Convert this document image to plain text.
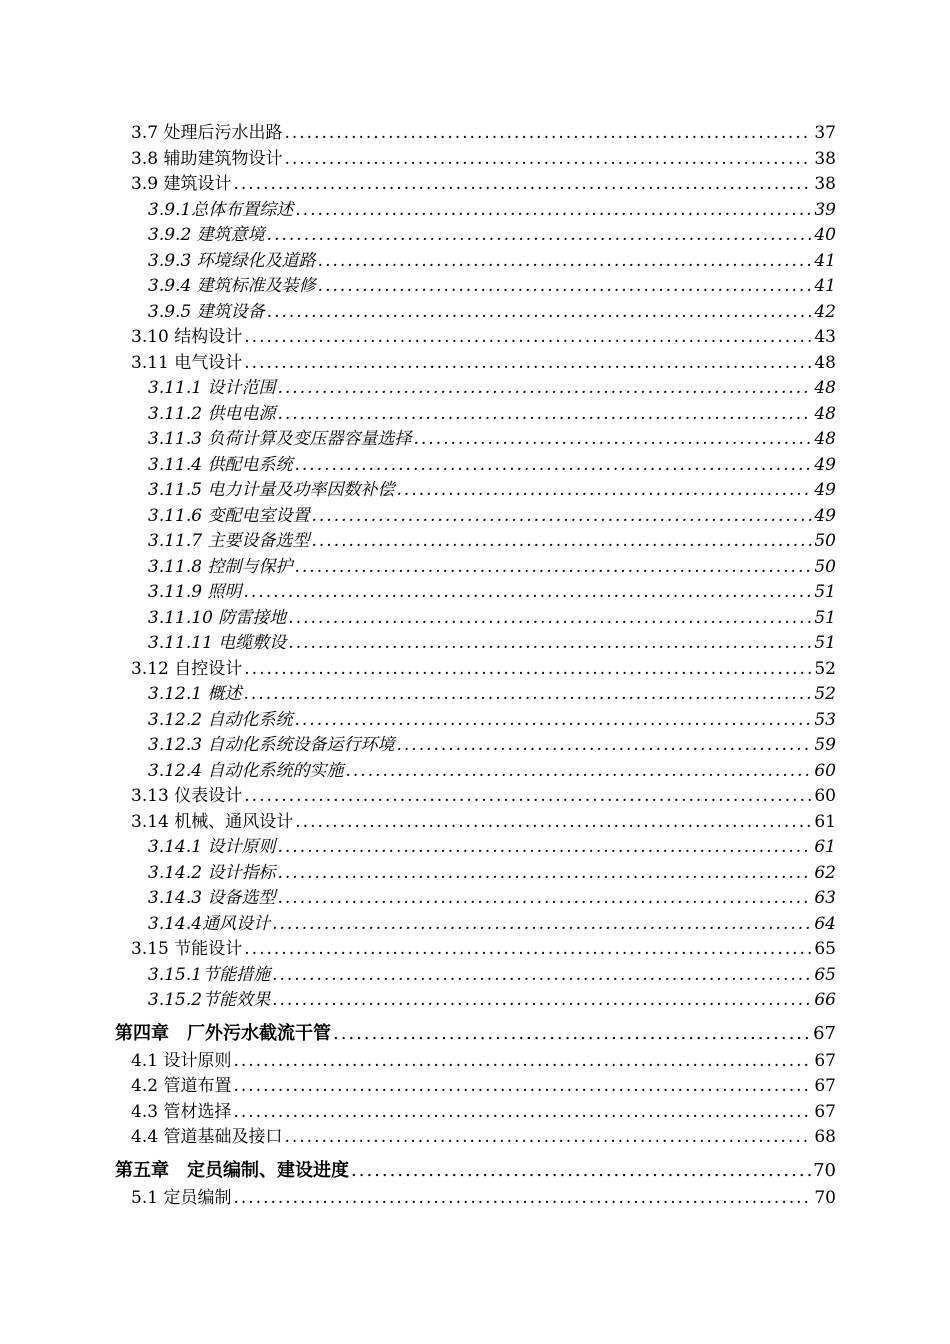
3.7 处理后污水出路 .....	37
3.8 辅助建筑物设计 .....	38
3.9 建筑设计 .....	38
3.9.1总体布置综述 .....	39
3.9.2 建筑意境 .....	40
3.9.3 环境绿化及道路 .....	41
3.9.4 建筑标准及装修 .....	41
3.9.5 建筑设备 .....	42
3.10 结构设计 .....	43
3.11 电气设计 .....	48
3.11.1 设计范围 .....	48
3.11.2 供电电源 .....	48
3.11.3 负荷计算及变压器容量选择 .....	48
3.11.4 供配电系统 .....	49
3.11.5 电力计量及功率因数补偿 .....	49
3.11.6 变配电室设置 .....	49
3.11.7 主要设备选型 .....	50
3.11.8 控制与保护 .....	50
3.11.9 照明 .....	51
3.11.10 防雷接地 .....	51
3.11.11 电缆敷设 .....	51
3.12 自控设计 .....	52
3.12.1 概述 .....	52
3.12.2 自动化系统 .....	53
3.12.3 自动化系统设备运行环境 .....	59
3.12.4 自动化系统的实施 .....	60
3.13 仪表设计 .....	60
3.14 机械、通风设计 .....	61
3.14.1 设计原则 .....	61
3.14.2 设计指标 .....	62
3.14.3 设备选型 .....	63
3.14.4通风设计 .....	64
3.15 节能设计 .....	65
3.15.1节能措施 .....	65
3.15.2节能效果 .....	66
第四章　厂外污水截流干管 .....	67
4.1 设计原则 .....	67
4.2 管道布置 .....	67
4.3 管材选择 .....	67
4.4 管道基础及接口 .....	68
第五章　定员编制、建设进度 .....	70
5.1 定员编制 .....	70
